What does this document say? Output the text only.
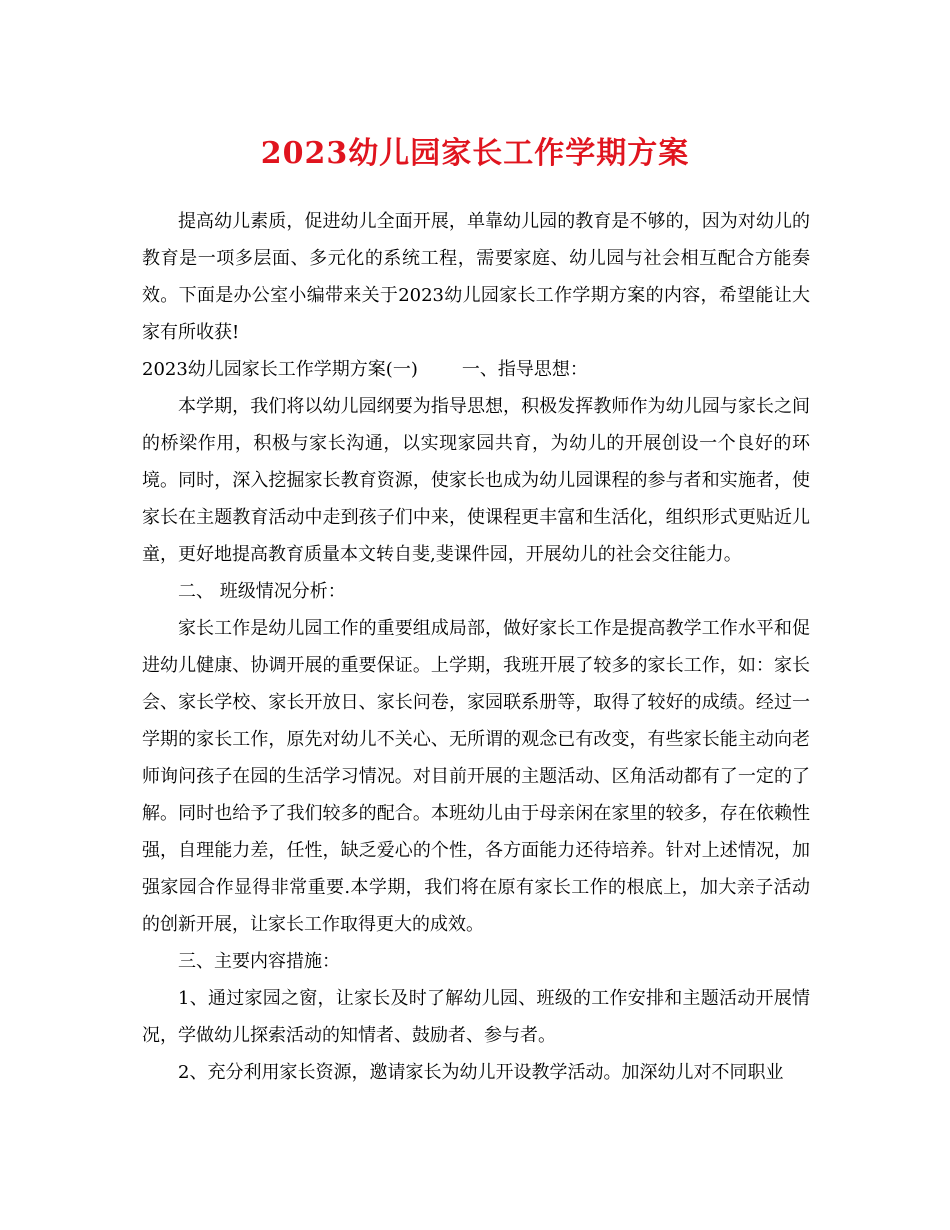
2023幼儿园家长工作学期方案

提高幼儿素质，促进幼儿全面开展，单靠幼儿园的教育是不够的，因为对幼儿的教育是一项多层面、多元化的系统工程，需要家庭、幼儿园与社会相互配合方能奏效。下面是办公室小编带来关于2023幼儿园家长工作学期方案的内容，希望能让大家有所收获!

2023幼儿园家长工作学期方案(一) 一、指导思想：

本学期，我们将以幼儿园纲要为指导思想，积极发挥教师作为幼儿园与家长之间的桥梁作用，积极与家长沟通，以实现家园共育，为幼儿的开展创设一个良好的环境。同时，深入挖掘家长教育资源，使家长也成为幼儿园课程的参与者和实施者，使家长在主题教育活动中走到孩子们中来，使课程更丰富和生活化，组织形式更贴近儿童，更好地提高教育质量本文转自斐,斐课件园，开展幼儿的社会交往能力。

二、 班级情况分析：

家长工作是幼儿园工作的重要组成局部，做好家长工作是提高教学工作水平和促进幼儿健康、协调开展的重要保证。上学期，我班开展了较多的家长工作，如：家长会、家长学校、家长开放日、家长问卷，家园联系册等，取得了较好的成绩。经过一学期的家长工作，原先对幼儿不关心、无所谓的观念已有改变，有些家长能主动向老师询问孩子在园的生活学习情况。对目前开展的主题活动、区角活动都有了一定的了解。同时也给予了我们较多的配合。本班幼儿由于母亲闲在家里的较多，存在依赖性强，自理能力差，任性，缺乏爱心的个性，各方面能力还待培养。针对上述情况，加强家园合作显得非常重要.本学期，我们将在原有家长工作的根底上，加大亲子活动的创新开展，让家长工作取得更大的成效。

三、主要内容措施：

1、通过家园之窗，让家长及时了解幼儿园、班级的工作安排和主题活动开展情况，学做幼儿探索活动的知情者、鼓励者、参与者。

2、充分利用家长资源，邀请家长为幼儿开设教学活动。加深幼儿对不同职业
